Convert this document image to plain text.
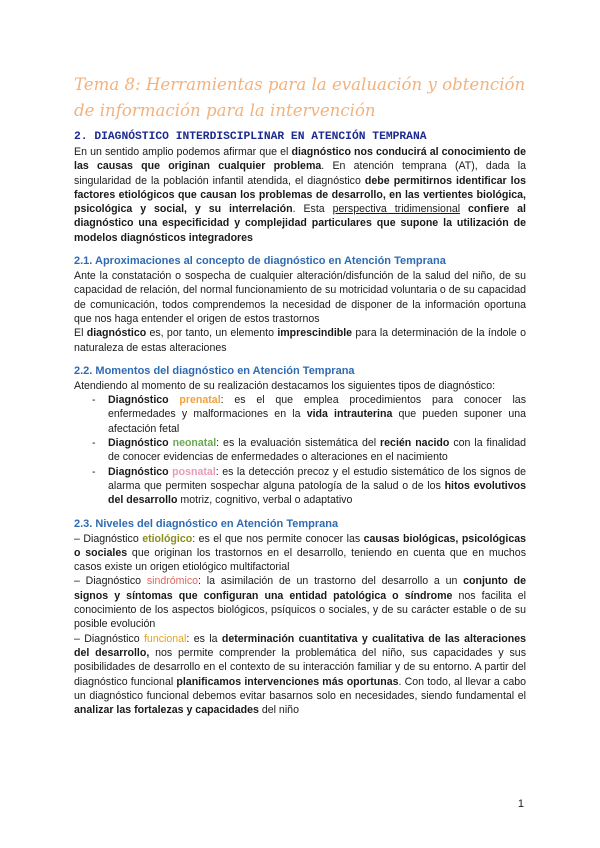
Tema 8: Herramientas para la evaluación y obtención
de información para la intervención
2. DIAGNÓSTICO INTERDISCIPLINAR EN ATENCIÓN TEMPRANA

En un sentido amplio podemos afirmar que el diagnóstico nos conducirá al conocimiento de las causas que originan cualquier problema. En atención temprana (AT), dada la singularidad de la población infantil atendida, el diagnóstico debe permitirnos identificar los factores etiológicos que causan los problemas de desarrollo, en las vertientes biológica, psicológica y social, y su interrelación. Esta perspectiva tridimensional confiere al diagnóstico una especificidad y complejidad particulares que supone la utilización de modelos diagnósticos integradores

2.1. Aproximaciones al concepto de diagnóstico en Atención Temprana

Ante la constatación o sospecha de cualquier alteración/disfunción de la salud del niño, de su capacidad de relación, del normal funcionamiento de su motricidad voluntaria o de su capacidad de comunicación, todos comprendemos la necesidad de disponer de la información oportuna que nos haga entender el origen de estos trastornos

El diagnóstico es, por tanto, un elemento imprescindible para la determinación de la índole o naturaleza de estas alteraciones

2.2. Momentos del diagnóstico en Atención Temprana

Atendiendo al momento de su realización destacamos los siguientes tipos de diagnóstico:

- Diagnóstico prenatal: es el que emplea procedimientos para conocer las enfermedades y malformaciones en la vida intrauterina que pueden suponer una afectación fetal
- Diagnóstico neonatal: es la evaluación sistemática del recién nacido con la finalidad de conocer evidencias de enfermedades o alteraciones en el nacimiento
- Diagnóstico posnatal: es la detección precoz y el estudio sistemático de los signos de alarma que permiten sospechar alguna patología de la salud o de los hitos evolutivos del desarrollo motriz, cognitivo, verbal o adaptativo
2.3. Niveles del diagnóstico en Atención Temprana

– Diagnóstico etiológico: es el que nos permite conocer las causas biológicas, psicológicas o sociales que originan los trastornos en el desarrollo, teniendo en cuenta que en muchos casos existe un origen etiológico multifactorial

– Diagnóstico sindrómico: la asimilación de un trastorno del desarrollo a un conjunto de signos y síntomas que configuran una entidad patológica o síndrome nos facilita el conocimiento de los aspectos biológicos, psíquicos o sociales, y de su carácter estable o de su posible evolución

– Diagnóstico funcional: es la determinación cuantitativa y cualitativa de las alteraciones del desarrollo, nos permite comprender la problemática del niño, sus capacidades y sus posibilidades de desarrollo en el contexto de su interacción familiar y de su entorno. A partir del diagnóstico funcional planificamos intervenciones más oportunas. Con todo, al llevar a cabo un diagnóstico funcional debemos evitar basarnos solo en necesidades, siendo fundamental el analizar las fortalezas y capacidades del niño

1
